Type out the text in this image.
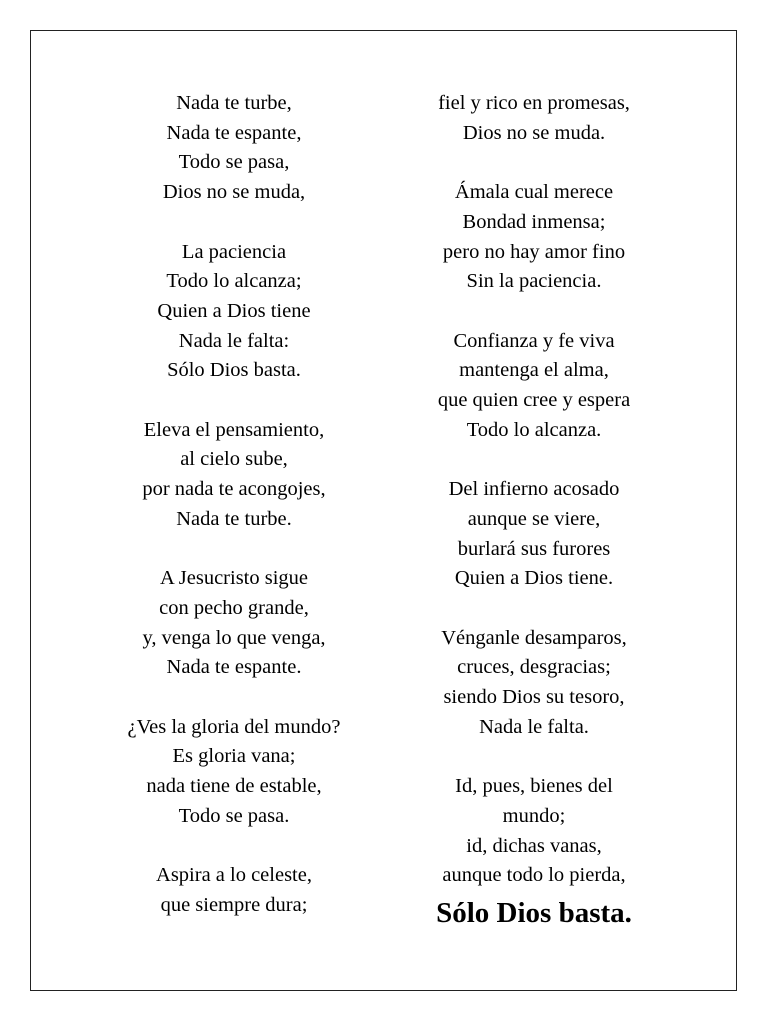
Nada te turbe,
Nada te espante,
Todo se pasa,
Dios no se muda,
La paciencia
Todo lo alcanza;
Quien a Dios tiene
Nada le falta:
Sólo Dios basta.
Eleva el pensamiento,
al cielo sube,
por nada te acongojes,
Nada te turbe.
A Jesucristo sigue
con pecho grande,
y, venga lo que venga,
Nada te espante.
¿Ves la gloria del mundo?
Es gloria vana;
nada tiene de estable,
Todo se pasa.
Aspira a lo celeste,
que siempre dura;
fiel y rico en promesas,
Dios no se muda.
Ámala cual merece
Bondad inmensa;
pero no hay amor fino
Sin la paciencia.
Confianza y fe viva
mantenga el alma,
que quien cree y espera
Todo lo alcanza.
Del infierno acosado
aunque se viere,
burlará sus furores
Quien a Dios tiene.
Vénganle desamparos,
cruces, desgracias;
siendo Dios su tesoro,
Nada le falta.
Id, pues, bienes del
mundo;
id, dichas vanas,
aunque todo lo pierda,
Sólo Dios basta.
